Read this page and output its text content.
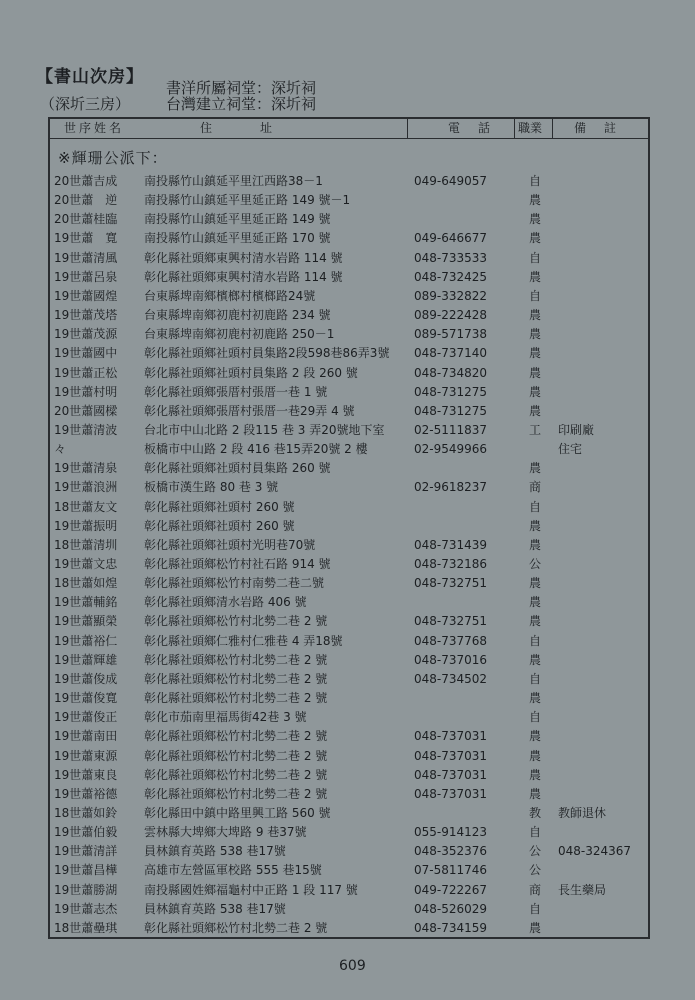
【書山次房】
（深圻三房）
書洋所屬祠堂：深圻祠
台灣建立祠堂：深圻祠
世序姓名	住　　　址	電　話 職業	備　註
※輝珊公派下：
20世蕭吉成	南投縣竹山鎮延平里江西路38－1	049-649057	自
20世蕭　逆	南投縣竹山鎮延平里延正路 149 號－1	農
20世蕭桂臨	南投縣竹山鎮延平里延正路 149 號	農
19世蕭　寬	南投縣竹山鎮延平里延正路 170 號	049-646677	農
19世蕭清風	彰化縣社頭鄉東興村清水岩路 114 號	048-733533	自
19世蕭呂泉	彰化縣社頭鄉東興村清水岩路 114 號	048-732425	農
19世蕭國煌	台東縣埤南鄉檳榔村檳榔路24號	089-332822	自
19世蕭茂塔	台東縣埤南鄉初鹿村初鹿路 234 號	089-222428	農
19世蕭茂源	台東縣埤南鄉初鹿村初鹿路 250－1	089-571738	農
19世蕭國中	彰化縣社頭鄉社頭村員集路2段598巷86弄3號	048-737140	農
19世蕭正松	彰化縣社頭鄉社頭村員集路 2 段 260 號	048-734820	農
19世蕭村明	彰化縣社頭鄉張厝村張厝一巷 1 號	048-731275	農
20世蕭國樑	彰化縣社頭鄉張厝村張厝一巷29弄 4 號	048-731275	農
19世蕭清波	台北市中山北路 2 段115 巷 3 弄20號地下室	02-5111837	工	印刷廠
々	板橋市中山路 2 段 416 巷15弄20號 2 樓	02-9549966	住宅
19世蕭清泉	彰化縣社頭鄉社頭村員集路 260 號	農
19世蕭浪洲	板橋市漢生路 80 巷 3 號	02-9618237	商
18世蕭友文	彰化縣社頭鄉社頭村 260 號	自
19世蕭振明	彰化縣社頭鄉社頭村 260 號	農
18世蕭清圳	彰化縣社頭鄉社頭村光明巷70號	048-731439	農
19世蕭文忠	彰化縣社頭鄉松竹村社石路 914 號	048-732186	公
18世蕭如煌	彰化縣社頭鄉松竹村南勢二巷二號	048-732751	農
19世蕭輔銘	彰化縣社頭鄉清水岩路 406 號	農
19世蕭顯榮	彰化縣社頭鄉松竹村北勢二巷 2 號	048-732751	農
19世蕭裕仁	彰化縣社頭鄉仁雅村仁雅巷 4 弄18號	048-737768	自
19世蕭輝雄	彰化縣社頭鄉松竹村北勢二巷 2 號	048-737016	農
19世蕭俊成	彰化縣社頭鄉松竹村北勢二巷 2 號	048-734502	自
19世蕭俊寬	彰化縣社頭鄉松竹村北勢二巷 2 號	農
19世蕭俊正	彰化市茄南里福馬街42巷 3 號	自
19世蕭南田	彰化縣社頭鄉松竹村北勢二巷 2 號	048-737031	農
19世蕭東源	彰化縣社頭鄉松竹村北勢二巷 2 號	048-737031	農
19世蕭東良	彰化縣社頭鄉松竹村北勢二巷 2 號	048-737031	農
19世蕭裕德	彰化縣社頭鄉松竹村北勢二巷 2 號	048-737031	農
18世蕭如鈴	彰化縣田中鎮中路里興工路 560 號	教	教師退休
19世蕭伯毅	雲林縣大埤鄉大埤路 9 巷37號	055-914123	自
19世蕭清詳	員林鎮育英路 538 巷17號	048-352376	公	048-324367
19世蕭昌樺	高雄市左營區軍校路 555 巷15號	07-5811746	公
19世蕭勝湖	南投縣國姓鄉福龜村中正路 1 段 117 號	049-722267	商	長生藥局
19世蕭志杰	員林鎮育英路 538 巷17號	048-526029	自
18世蕭壘琪	彰化縣社頭鄉松竹村北勢二巷 2 號	048-734159	農
609
